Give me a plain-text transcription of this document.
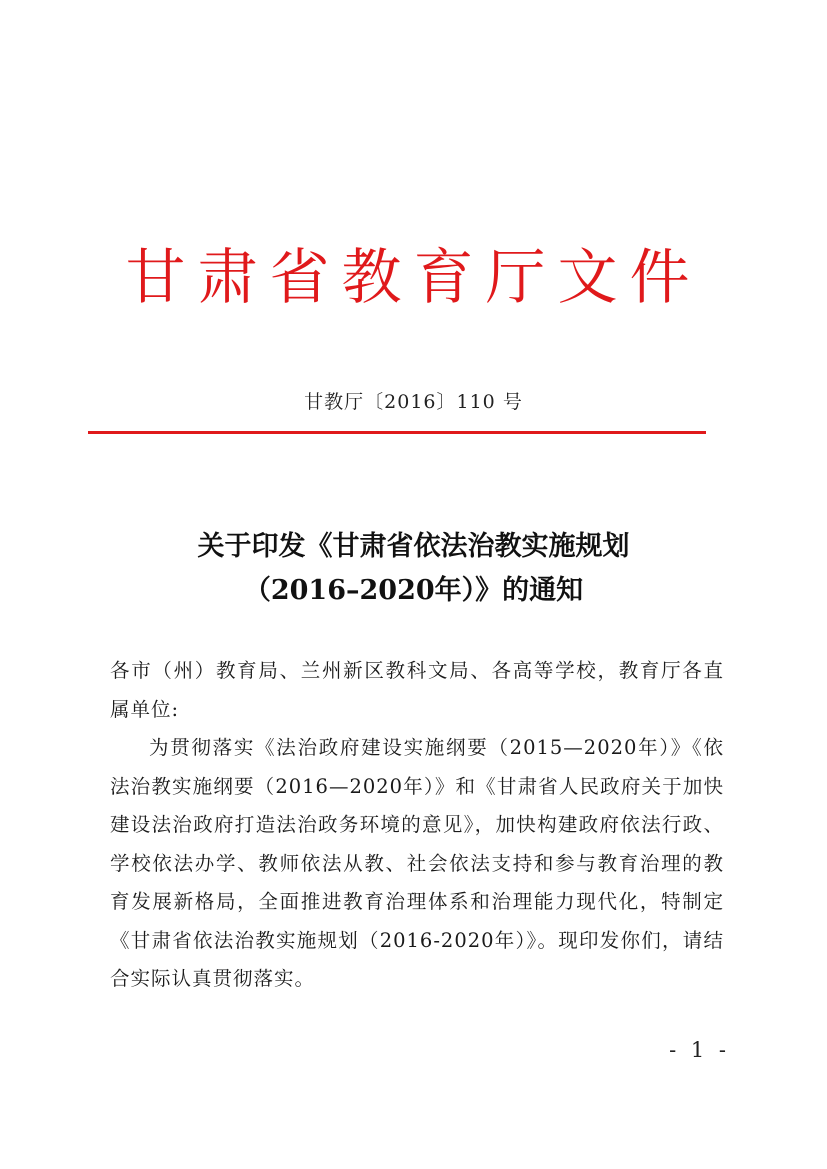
甘肃省教育厅文件
甘教厅〔2016〕110 号
关于印发《甘肃省依法治教实施规划
（2016–2020年）》的通知

各市（州）教育局、兰州新区教科文局、各高等学校，教育厅各直属单位:

为贯彻落实《法治政府建设实施纲要（2015—2020年）》《依法治教实施纲要（2016—2020年）》和《甘肃省人民政府关于加快建设法治政府打造法治政务环境的意见》，加快构建政府依法行政、学校依法办学、教师依法从教、社会依法支持和参与教育治理的教育发展新格局，全面推进教育治理体系和治理能力现代化，特制定《甘肃省依法治教实施规划（2016-2020年）》。现印发你们，请结合实际认真贯彻落实。

- 1 -
